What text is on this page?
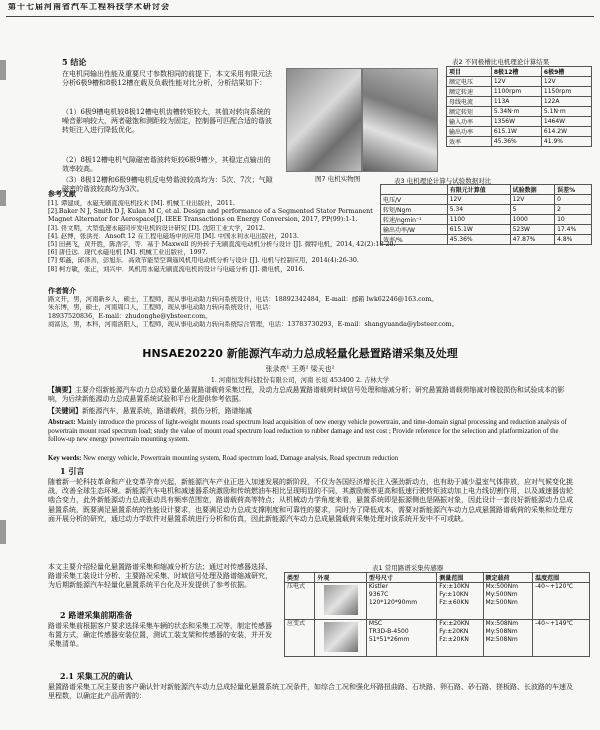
第十七届河南省汽车工程科技学术研讨会
5 结论
在电机同输出性能及重要尺寸参数相同的前提下，本文采用有限元法分析6极9槽和8极12槽在载及负载性能对比分析，分析结果如下：
（1）6极9槽电机较8极12槽电机齿槽转矩较大，其值对转向系统的噪音影响较大，两者磁饱和测距较为固定，控制器可匹配合适的谐波转矩注入进行降低优化。
（2）8极12槽电机气隙磁密谐波转矩较6极9槽少，其稳定点输出的效率较高。
（3）8极12槽和6极9槽电机反电势谐波较高均为：5次、7次；气隙磁密的谐波较高均为3次。
图7 电机实物图
表2 不同极槽比电机理论计算结果
项目	8极12槽	6极9槽
额定电压	12V	12V
额定转速	1100rpm	1150rpm
母线电流	113A	122A
额定转矩	5.34N·m	5.1N·m
输入功率	1356W	1464W
输出功率	615.1W	614.2W
效率	45.36%	41.9%
表3 电机理论计算与试验数据对比
	有限元计算值	试验数据	误差%
电压/V	12V	12V	0
转矩/Ngm	5.34	5	2
转速/ngmin⁻¹	1100	1000	10
输出功率/W	615.1W	523W	17.4%
效率/%	45.36%	47.87%	4.8%
参考文献
[1]. 谭建成，永磁无刷直流电机技术 [M]. 机械工业出版社，2011.
[2].Baker N J, Smith D J, Kulan M C, et al. Design and performance of a Segmented Stator Permanent
Magnet Alternator for Aerospace[J]. IEEE Transactions on Energy Conversion, 2017, PP(99):1-1.
[3]. 佟文明，大型低速永磁同步发电机的设计研究 [D]. 沈阳工业大学，2012.
[4]. 赵博，张洪亮．Ansoft 12 在工程电磁场中的应用 [M]. 中国水利水电出版社，2013.
[5] 田燕飞，黄开胜，陈浩宇，等．基于 Maxwell 的外转子无刷直流电动机分析与设计 [J]. 微特电机，2014, 42(2):18-20.
[6] 唐任远．现代永磁电机 [M]. 机械工业出版社，1997.
[7] 郑鑫，邱泽善，彭旭东．高效节能型空调遥风机用电动机分析与设计 [J]. 电机与控制应用，2014(4):26-30.
[8] 柯方敏，张正，刘兴中．风机用永磁无刷直流电机的设计与电磁分析 [J]. 微电机，2016.
作者简介
路文开，男，河南新乡人，硕士，工程师，现从事电动助力转向系统设计，电话：18892342484，E-mail：邮箱 lwk62246@163.com。
朱东博，男，硕士，河南周口人，工程师，现从事电动助力转向系统设计，电话：
18937520836，E-mail：zhudonghe@ybsteer.com。
商富达，男，本科，河南洛阳人，工程师，现从事电动助力转向系统综合管理，电话：13783730293，E-mail：shangyuanda@ybsteer.com。
HNSAE20220 新能源汽车动力总成轻量化悬置路谱采集及处理
张录亮¹ 王勇² 梁天也²
1. 河南恒发科技股份有限公司，河南 长垣 453400 2. 吉林大学
【摘要】主要介绍新能源汽车动力总成轻量化悬置路谱载荷采集过程，及动力总成悬置路谱载荷时域信号处理和缩减分析；研究悬置路谱载荷缩减对橡胶损伤和试验成本的影响，为后续新能源动力总成悬置系统试验和平台化提供参考依据。
【关键词】新能源汽车，悬置系统，路谱载荷，损伤分析，路谱缩减
Abstract: Mainly introduce the process of light-weight mounts road spectrum load acquisition of new energy vehicle powertrain, and time-domain signal processing and reduction analysis of powertrain mount road spectrum load; study the value of mount road spectrum load reduction to rubber damage and test cost ; Provide reference for the selection and platformization of the follow-up new energy powertrain mounting system.
Key words: New energy vehicle, Powertrain mounting system, Road spectrum load, Damage analysis, Road spectrum reduction
1 引言
随着新一轮科技革命和产业变革孕育兴起，新能源汽车产业正进入加速发展的新阶段，不仅为各国经济增长注入强劲新动力，也有助于减少温室气体排放，应对气候变化挑战，改善全球生态环境。新能源汽车电机和减速器系统激励和传统燃油车相比呈现明显的不同，其激励频率更高和低速行驶转矩波动加上电力线切割作用，以及减速器齿轮啮合变力，此外新能源动力总成驱动具有频率范围宽，路谱载荷高等特点；从机械动力学角度来看，悬置系统即是振源侧也是隔振对象，因此设计一套良好新能源动力总成悬置系统，既要满足悬置系统的性能设计要求，也要满足动力总成支撑刚度和可靠性的要求，同时为了降低成本，需要对新能源汽车动力总成悬置路谱载荷的采集和处理方面开展分析的研究，通过动力学软件对悬置系统进行分析和仿真，因此新能源汽车动力总成悬置载荷采集处理对该系统开发中不可或缺。
本文主要介绍轻量化悬置路谱采集和缩减分析方法；通过对传感器选择、路谱采集工装设计分析、主要路况采集、时域信号处理及路谱缩减研究，为后期新能源汽车轻量化悬置系统平台化及开发提供了参考依据。
2 路谱采集前期准备
路谱采集前根据客户要求选择采集车辆的状态和采集工况等，制定传感器布置方式，确定传感器安装位置，测试工装支架和传感器的安装，并开发采集清单。
2.1 采集工况的确认
悬置路谱采集工况主要由客户确认针对新能源汽车动力总成轻量化悬置系统工况条件，如综合工况和强化坏路扭曲路、石块路、卵石路、砂石路、搓板路、长波路的车速及里程数，以确定此产品所需的：
表1 常用路谱采集传感器
类型	外观	型号尺寸	测量范围	额定载荷	温度范围
压电式		Kistler
9367C
120*120*90mm	Fx:±10KN
Fy:±10KN
Fz:±60KN	Mx:500Nm
My:500Nm
Mz:500Nm	-40~+120℃
应变式		MSC
TR3D-B-4500
51*51*26mm	Fx:±20KN
Fy:±20KN
Fz:±20KN	Mx:508Nm
My:508Nm
Mz:508Nm	-40~+149℃
